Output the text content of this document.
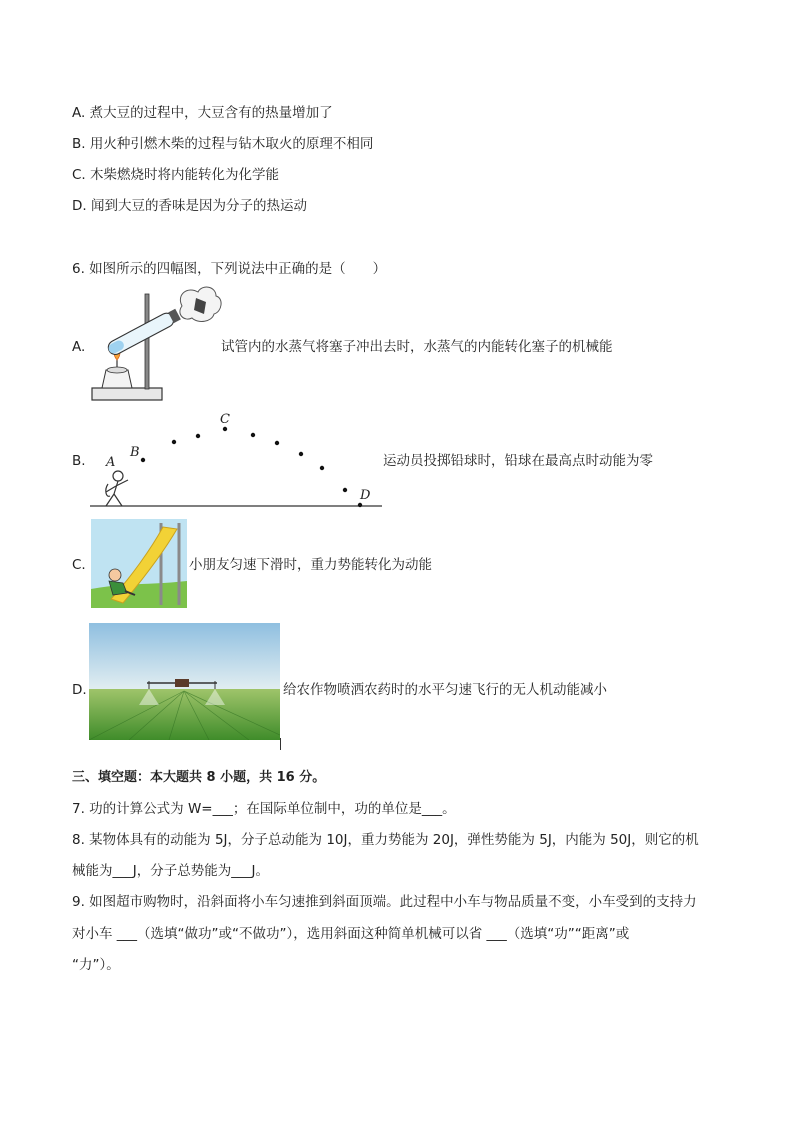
A. 煮大豆的过程中，大豆含有的热量增加了
B. 用火种引燃木柴的过程与钻木取火的原理不相同
C. 木柴燃烧时将内能转化为化学能
D. 闻到大豆的香味是因为分子的热运动
6. 如图所示的四幅图，下列说法中正确的是（　　）
A.	试管内的水蒸气将塞子冲出去时，水蒸气的内能转化塞子的机械能
B. A
B
C
D
运动员投掷铅球时，铅球在最高点时动能为零
C.	小朋友匀速下滑时，重力势能转化为动能
D.	给农作物喷洒农药时的水平匀速飞行的无人机动能减小
三、填空题：本大题共 8 小题，共 16 分。
7. 功的计算公式为 W=___；在国际单位制中，功的单位是___。
8. 某物体具有的动能为 5J，分子总动能为 10J，重力势能为 20J，弹性势能为 5J，内能为 50J，则它的机
械能为___J，分子总势能为___J。
9. 如图超市购物时，沿斜面将小车匀速推到斜面顶端。此过程中小车与物品质量不变，小车受到的支持力
对小车 ___（选填“做功”或“不做功”），选用斜面这种简单机械可以省 ___（选填“功”“距离”或
“力”）。
